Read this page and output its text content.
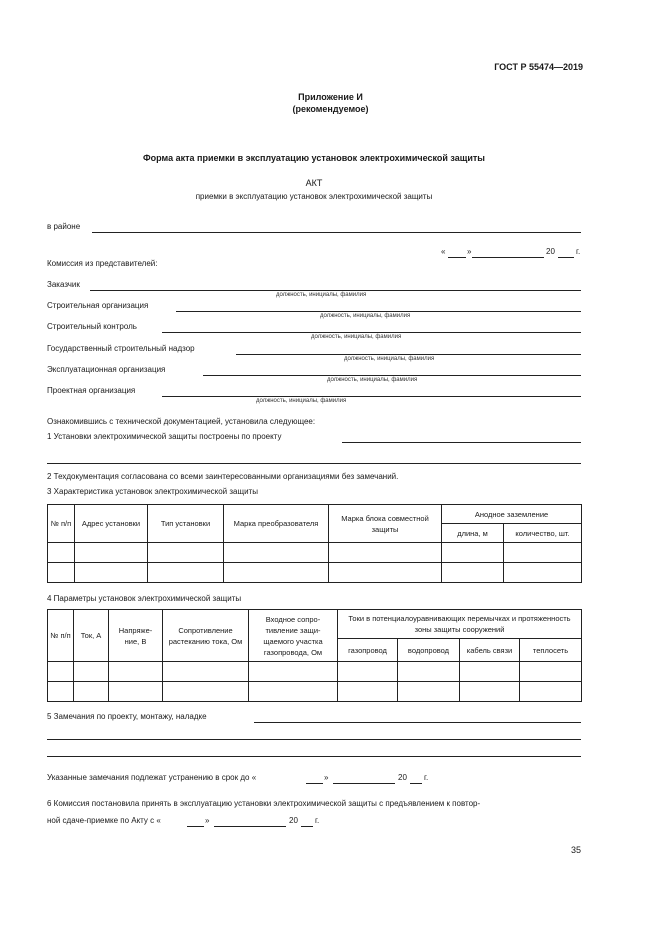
ГОСТ Р 55474—2019
Приложение И
(рекомендуемое)
Форма акта приемки в эксплуатацию установок электрохимической защиты
АКТ
приемки в эксплуатацию установок электрохимической защиты
в районе
«	»	20	г.
Комиссия из представителей:
Заказчик
должность, инициалы, фамилия
Строительная организация
должность, инициалы, фамилия
Строительный контроль
должность, инициалы, фамилия
Государственный строительный надзор
должность, инициалы, фамилия
Эксплуатационная организация
должность, инициалы, фамилия
Проектная организация
должность, инициалы, фамилия
Ознакомившись с технической документацией, установила следующее:
1 Установки электрохимической защиты построены по проекту
2 Техдокументация согласована со всеми заинтересованными организациями без замечаний.
3 Характеристика установок электрохимической защиты
№ п/п	Адрес установки	Тип установки	Марка преобразователя	Марка блока совместной защиты	Анодное заземление	
					длина, м	количество, шт.

4 Параметры установок электрохимической защиты
№ п/п	Ток, А	Напряже- ние, В	Сопротивление растеканию тока, Ом	Входное сопро- тивление защи- щаемого участка газопровода, Ом	Токи в потенциалоуравнивающих перемычках и протяженность зоны защиты сооружений			
					газопровод	водопровод	кабель связи	теплосеть

5 Замечания по проекту, монтажу, наладке
Указанные замечания подлежат устранению в срок до «	»	20 г.
6 Комиссия постановила принять в эксплуатацию установки электрохимической защиты с предъявлением к повтор-
ной сдаче-приемке по Акту с «	»	20 г.
35
